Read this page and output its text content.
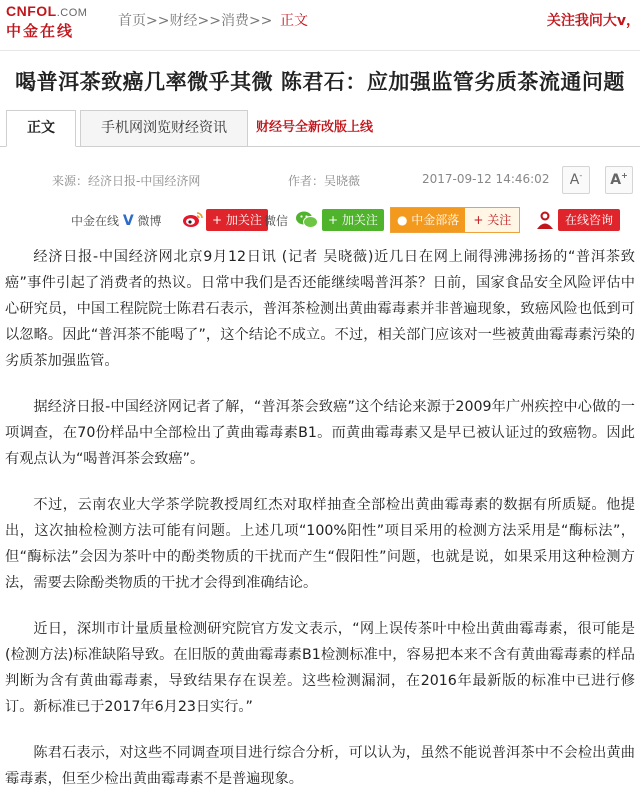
CNFOL.COM
中金在线
首页>>财经>>消费>> 正文	关注我问大v，
喝普洱茶致癌几率微乎其微 陈君石：应加强监管劣质茶流通问题
正文	手机网浏览财经资讯	财经号全新改版上线
来源：经济日报-中国经济网	作者：吴晓薇	2017-09-12 14:46:02	A-	A+
中金在线 V 微博	+ 加关注 微信	+ 加关注	● 中金部落 + 关注	在线咨询

经济日报-中国经济网北京9月12日讯 (记者 吴晓薇)近几日在网上闹得沸沸扬扬的“普洱茶致癌”事件引起了消费者的热议。日常中我们是否还能继续喝普洱茶？日前，国家食品安全风险评估中心研究员，中国工程院院士陈君石表示，普洱茶检测出黄曲霉毒素并非普遍现象，致癌风险也低到可以忽略。因此“普洱茶不能喝了”，这个结论不成立。不过，相关部门应该对一些被黄曲霉毒素污染的劣质茶加强监管。

据经济日报-中国经济网记者了解，“普洱茶会致癌”这个结论来源于2009年广州疾控中心做的一项调查，在70份样品中全部检出了黄曲霉毒素B1。而黄曲霉毒素又是早已被认证过的致癌物。因此有观点认为“喝普洱茶会致癌”。

不过，云南农业大学茶学院教授周红杰对取样抽查全部检出黄曲霉毒素的数据有所质疑。他提出，这次抽检检测方法可能有问题。上述几项“100%阳性”项目采用的检测方法采用是“酶标法”，但“酶标法”会因为茶叶中的酚类物质的干扰而产生“假阳性”问题，也就是说，如果采用这种检测方法，需要去除酚类物质的干扰才会得到准确结论。

近日，深圳市计量质量检测研究院官方发文表示，“网上误传茶叶中检出黄曲霉毒素，很可能是(检测方法)标准缺陷导致。在旧版的黄曲霉毒素B1检测标准中，容易把本来不含有黄曲霉毒素的样品判断为含有黄曲霉毒素，导致结果存在误差。这些检测漏洞，在2016年最新版的标准中已进行修订。新标准已于2017年6月23日实行。”

陈君石表示，对这些不同调查项目进行综合分析，可以认为，虽然不能说普洱茶中不会检出黄曲霉毒素，但至少检出黄曲霉毒素不是普遍现象。
